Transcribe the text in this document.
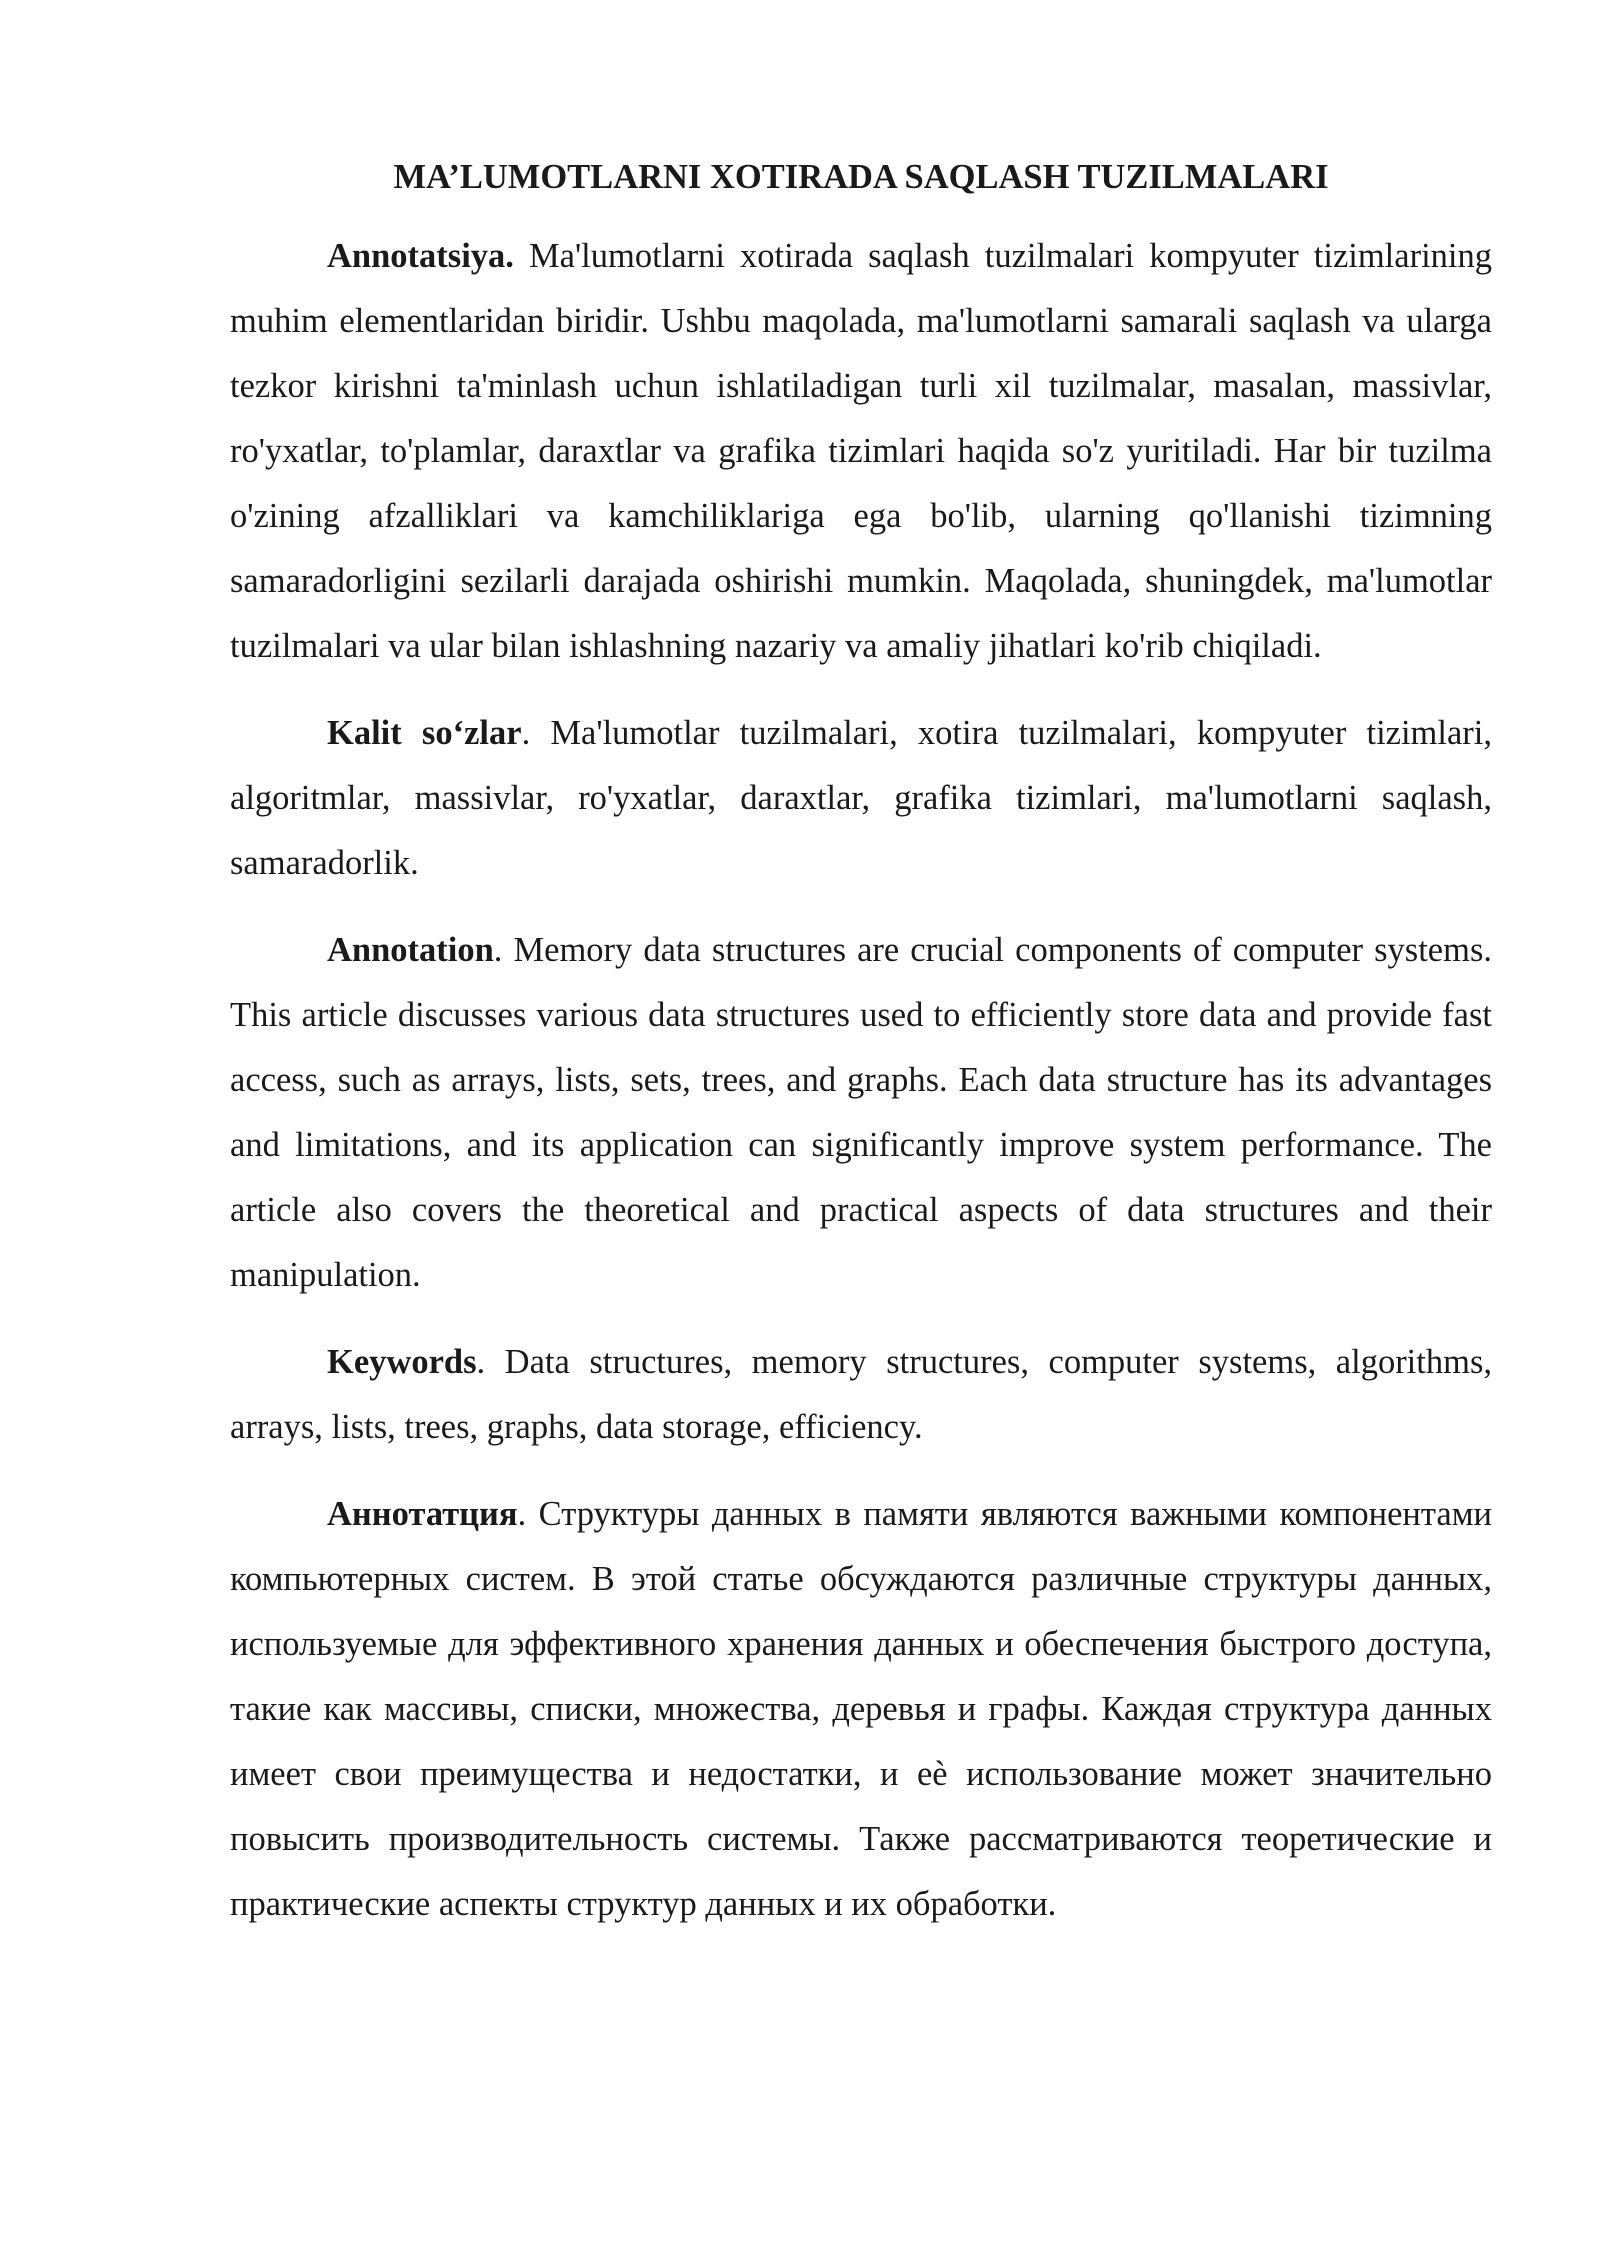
MA’LUMOTLARNI XOTIRADA SAQLASH TUZILMALARI

Annotatsiya. Ma'lumotlarni xotirada saqlash tuzilmalari kompyuter tizimlarining muhim elementlaridan biridir. Ushbu maqolada, ma'lumotlarni samarali saqlash va ularga tezkor kirishni ta'minlash uchun ishlatiladigan turli xil tuzilmalar, masalan, massivlar, ro'yxatlar, to'plamlar, daraxtlar va grafika tizimlari haqida so'z yuritiladi. Har bir tuzilma o'zining afzalliklari va kamchiliklariga ega bo'lib, ularning qo'llanishi tizimning samaradorligini sezilarli darajada oshirishi mumkin. Maqolada, shuningdek, ma'lumotlar tuzilmalari va ular bilan ishlashning nazariy va amaliy jihatlari ko'rib chiqiladi.

Kalit so‘zlar. Ma'lumotlar tuzilmalari, xotira tuzilmalari, kompyuter tizimlari, algoritmlar, massivlar, ro'yxatlar, daraxtlar, grafika tizimlari, ma'lumotlarni saqlash, samaradorlik.

Annotation. Memory data structures are crucial components of computer systems. This article discusses various data structures used to efficiently store data and provide fast access, such as arrays, lists, sets, trees, and graphs. Each data structure has its advantages and limitations, and its application can significantly improve system performance. The article also covers the theoretical and practical aspects of data structures and their manipulation.

Keywords. Data structures, memory structures, computer systems, algorithms, arrays, lists, trees, graphs, data storage, efficiency.

Аннотатция. Структуры данных в памяти являются важными компонентами компьютерных систем. В этой статье обсуждаются различные структуры данных, используемые для эффективного хранения данных и обеспечения быстрого доступа, такие как массивы, списки, множества, деревья и графы. Каждая структура данных имеет свои преимущества и недостатки, и еѐ использование может значительно повысить производительность системы. Также рассматриваются теоретические и практические аспекты структур данных и их обработки.
